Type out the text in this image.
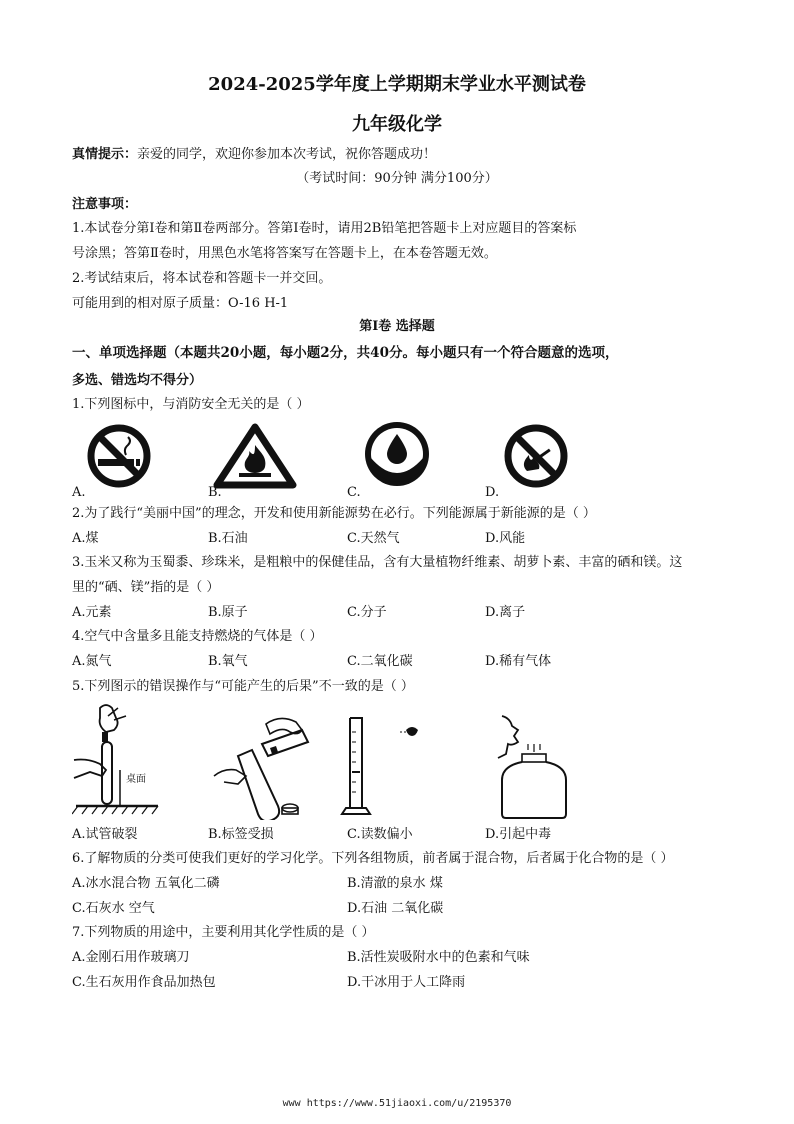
2024-2025学年度上学期期末学业水平测试卷
九年级化学
真情提示：亲爱的同学，欢迎你参加本次考试，祝你答题成功！
（考试时间：90分钟 满分100分）
注意事项：
1.本试卷分第Ⅰ卷和第Ⅱ卷两部分。答第Ⅰ卷时，请用2B铅笔把答题卡上对应题目的答案标
号涂黑；答第Ⅱ卷时，用黑色水笔将答案写在答题卡上，在本卷答题无效。
2.考试结束后，将本试卷和答题卡一并交回。
可能用到的相对原子质量：O-16 H-1
第Ⅰ卷 选择题
一、单项选择题（本题共20小题，每小题2分，共40分。每小题只有一个符合题意的选项，
多选、错选均不得分）
1.下列图标中，与消防安全无关的是（ ）
A.	B.	C.	D.
2.为了践行“美丽中国”的理念，开发和使用新能源势在必行。下列能源属于新能源的是（ ）
A.煤	B.石油	C.天然气	D.风能
3.玉米又称为玉蜀黍、珍珠米，是粗粮中的保健佳品，含有大量植物纤维素、胡萝卜素、丰富的硒和镁。这
里的“硒、镁”指的是（ ）
A.元素	B.原子	C.分子	D.离子
4.空气中含量多且能支持燃烧的气体是（ ）
A.氮气	B.氧气	C.二氧化碳	D.稀有气体
5.下列图示的错误操作与“可能产生的后果”不一致的是（ ）
桌面
A.试管破裂	B.标签受损	C.读数偏小	D.引起中毒
6.了解物质的分类可使我们更好的学习化学。下列各组物质，前者属于混合物，后者属于化合物的是（ ）
A.冰水混合物 五氧化二磷	B.清澈的泉水 煤
C.石灰水 空气	D.石油 二氧化碳
7.下列物质的用途中，主要利用其化学性质的是（ ）
A.金刚石用作玻璃刀	B.活性炭吸附水中的色素和气味
C.生石灰用作食品加热包	D.干冰用于人工降雨
www https://www.51jiaoxi.com/u/2195370
